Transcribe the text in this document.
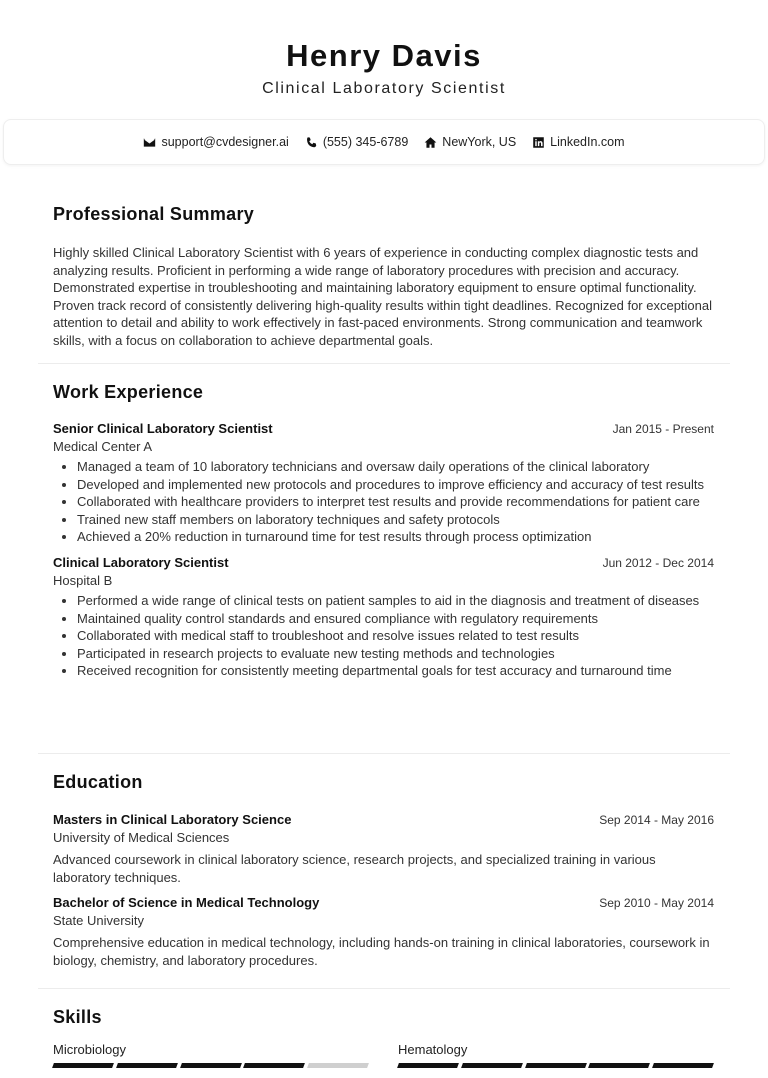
Henry Davis
Clinical Laboratory Scientist
support@cvdesigner.ai	(555) 345-6789	NewYork, US	LinkedIn.com
Professional Summary
Highly skilled Clinical Laboratory Scientist with 6 years of experience in conducting complex diagnostic tests and analyzing results. Proficient in performing a wide range of laboratory procedures with precision and accuracy. Demonstrated expertise in troubleshooting and maintaining laboratory equipment to ensure optimal functionality. Proven track record of consistently delivering high-quality results within tight deadlines. Recognized for exceptional attention to detail and ability to work effectively in fast-paced environments. Strong communication and teamwork skills, with a focus on collaboration to achieve departmental goals.
Work Experience
Senior Clinical Laboratory Scientist	Jan 2015 - Present
Medical Center A
• Managed a team of 10 laboratory technicians and oversaw daily operations of the clinical laboratory
• Developed and implemented new protocols and procedures to improve efficiency and accuracy of test results
• Collaborated with healthcare providers to interpret test results and provide recommendations for patient care
• Trained new staff members on laboratory techniques and safety protocols
• Achieved a 20% reduction in turnaround time for test results through process optimization
Clinical Laboratory Scientist	Jun 2012 - Dec 2014
Hospital B
• Performed a wide range of clinical tests on patient samples to aid in the diagnosis and treatment of diseases
• Maintained quality control standards and ensured compliance with regulatory requirements
• Collaborated with medical staff to troubleshoot and resolve issues related to test results
• Participated in research projects to evaluate new testing methods and technologies
• Received recognition for consistently meeting departmental goals for test accuracy and turnaround time
Education
Masters in Clinical Laboratory Science	Sep 2014 - May 2016
University of Medical Sciences
Advanced coursework in clinical laboratory science, research projects, and specialized training in various laboratory techniques.
Bachelor of Science in Medical Technology	Sep 2010 - May 2014
State University
Comprehensive education in medical technology, including hands-on training in clinical laboratories, coursework in biology, chemistry, and laboratory procedures.
Skills
Microbiology	Hematology
